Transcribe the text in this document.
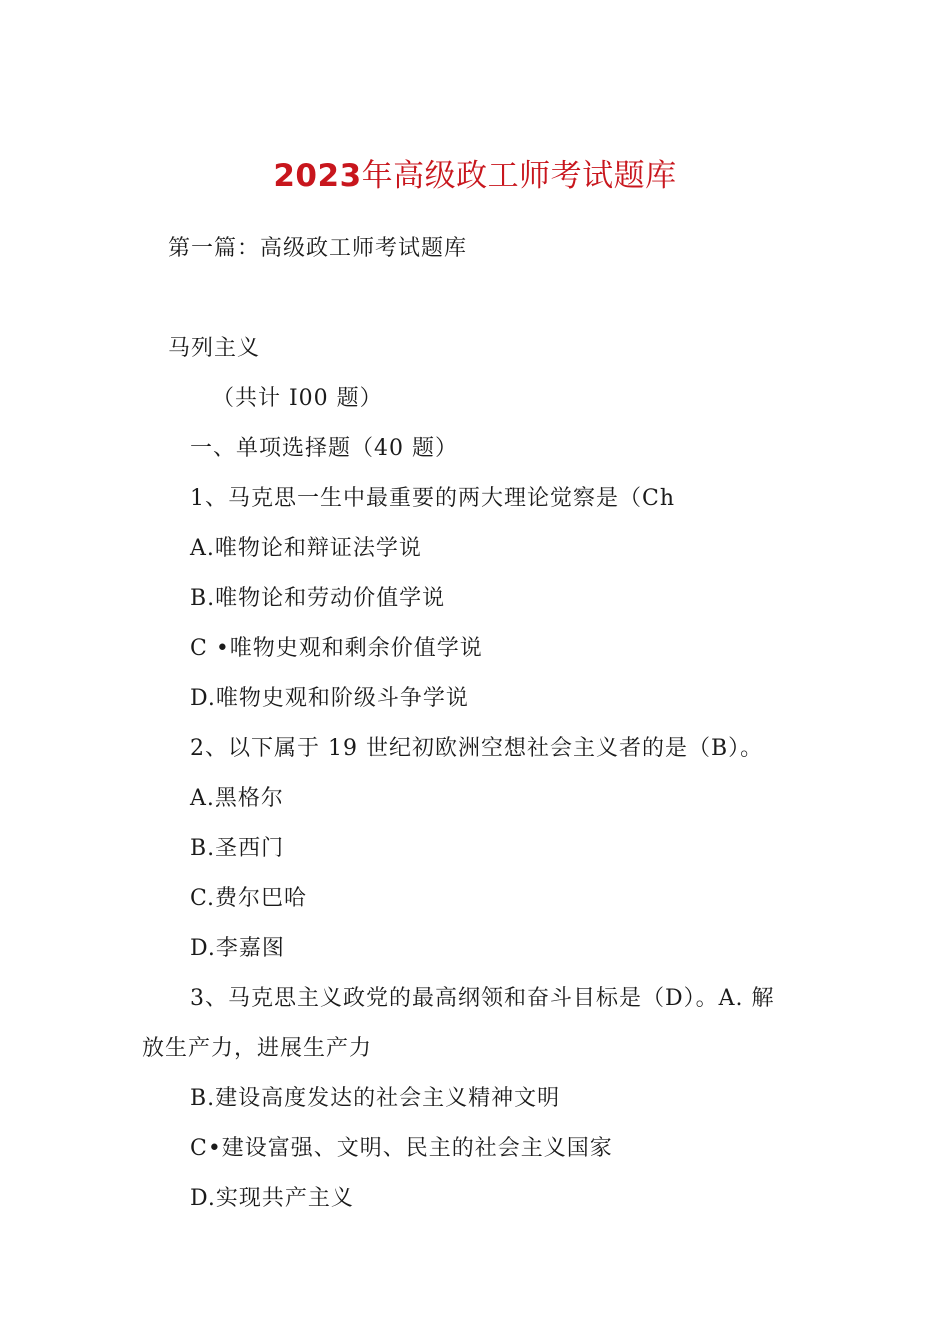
2023年高级政工师考试题库
第一篇：高级政工师考试题库
马列主义
（共计 I00 题）
一、单项选择题（40 题）
1、马克思一生中最重要的两大理论觉察是（Ch
A.唯物论和辩证法学说
B.唯物论和劳动价值学说
C •唯物史观和剩余价值学说
D.唯物史观和阶级斗争学说
2、以下属于 19 世纪初欧洲空想社会主义者的是（B）。
A.黑格尔
B.圣西门
C.费尔巴哈
D.李嘉图
3、马克思主义政党的最高纲领和奋斗目标是（D）。A. 解
放生产力，进展生产力
B.建设高度发达的社会主义精神文明
C•建设富强、文明、民主的社会主义国家
D.实现共产主义
